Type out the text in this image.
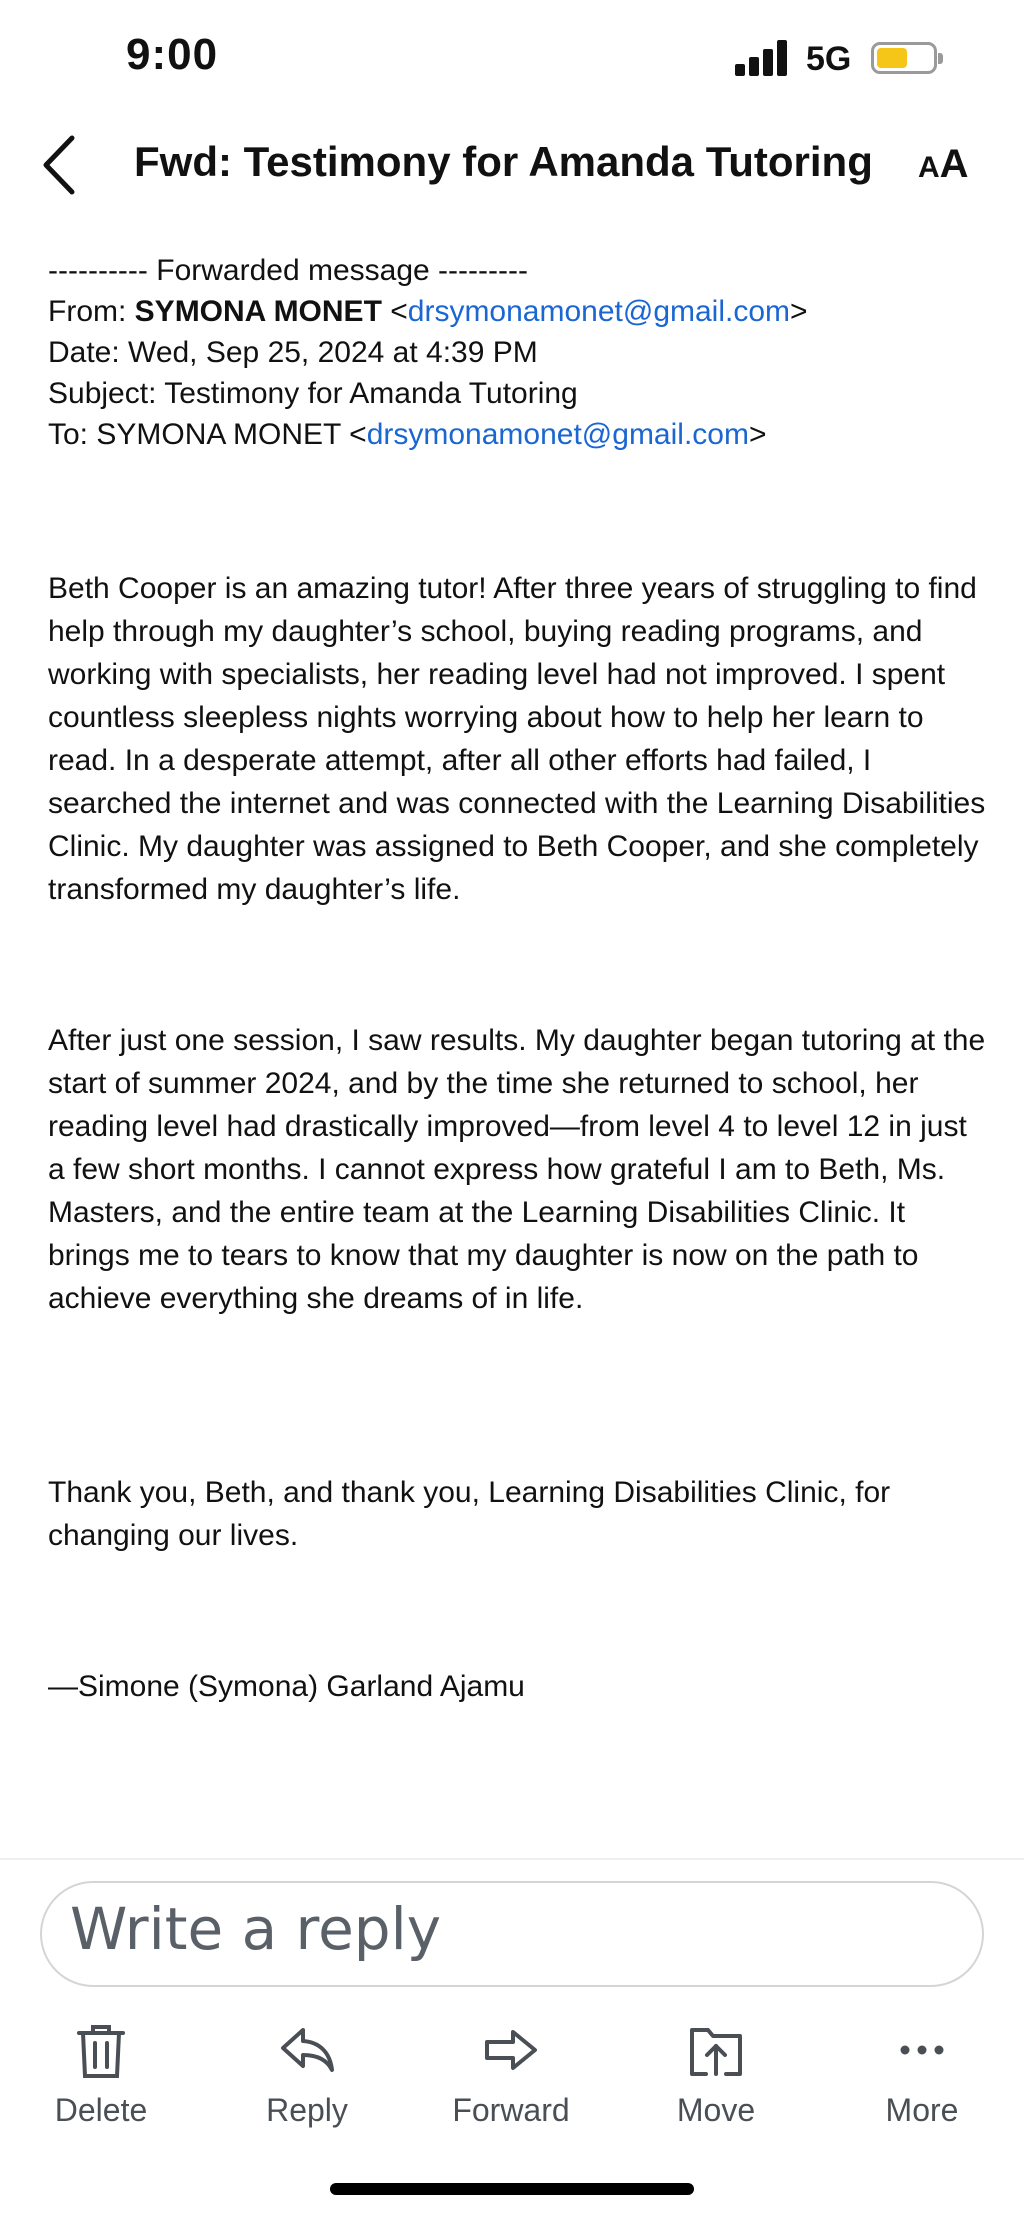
9:00	5G
Fwd: Testimony for Amanda Tutoring AA
---------- Forwarded message ---------
From: SYMONA MONET <drsymonamonet@gmail.com>
Date: Wed, Sep 25, 2024 at 4:39 PM
Subject: Testimony for Amanda Tutoring
To: SYMONA MONET <drsymonamonet@gmail.com>
Beth Cooper is an amazing tutor! After three years of struggling to find help through my daughter’s school, buying reading programs, and working with specialists, her reading level had not improved. I spent countless sleepless nights worrying about how to help her learn to read. In a desperate attempt, after all other efforts had failed, I searched the internet and was connected with the Learning Disabilities Clinic. My daughter was assigned to Beth Cooper, and she completely transformed my daughter’s life.
After just one session, I saw results. My daughter began tutoring at the start of summer 2024, and by the time she returned to school, her reading level had drastically improved—from level 4 to level 12 in just a few short months. I cannot express how grateful I am to Beth, Ms. Masters, and the entire team at the Learning Disabilities Clinic. It brings me to tears to know that my daughter is now on the path to achieve everything she dreams of in life.
Thank you, Beth, and thank you, Learning Disabilities Clinic, for changing our lives.
—Simone (Symona) Garland Ajamu
Write a reply
Delete	Reply	Forward	Move	More
